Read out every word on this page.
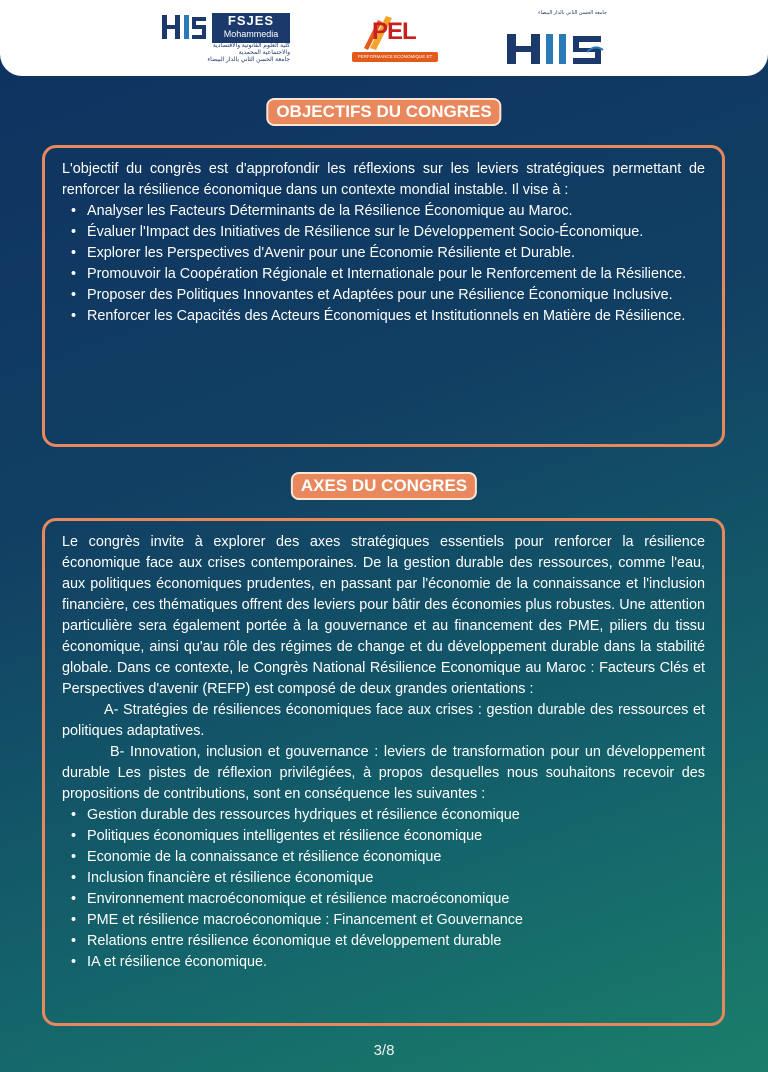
FSJES
Mohammedia
كلية العلوم القانونية والاقتصادية
والاجتماعية المحمدية
جامعة الحسن الثاني بالدار البيضاء
PEL
PERFORMANCE ECONOMIQUE ET LOGISTIQUE
جامعة الحسن الثاني بالدار البيضاء
OBJECTIFS DU CONGRES

L'objectif du congrès est d'approfondir les réflexions sur les leviers stratégiques permettant de renforcer la résilience économique dans un contexte mondial instable. Il vise à :

• Analyser les Facteurs Déterminants de la Résilience Économique au Maroc.
• Évaluer l'Impact des Initiatives de Résilience sur le Développement Socio-Économique.
• Explorer les Perspectives d'Avenir pour une Économie Résiliente et Durable.
• Promouvoir la Coopération Régionale et Internationale pour le Renforcement de la Résilience.
• Proposer des Politiques Innovantes et Adaptées pour une Résilience Économique Inclusive.
• Renforcer les Capacités des Acteurs Économiques et Institutionnels en Matière de Résilience.
AXES DU CONGRES

Le congrès invite à explorer des axes stratégiques essentiels pour renforcer la résilience économique face aux crises contemporaines. De la gestion durable des ressources, comme l'eau, aux politiques économiques prudentes, en passant par l'économie de la connaissance et l'inclusion financière, ces thématiques offrent des leviers pour bâtir des économies plus robustes. Une attention particulière sera également portée à la gouvernance et au financement des PME, piliers du tissu économique, ainsi qu'au rôle des régimes de change et du développement durable dans la stabilité globale. Dans ce contexte, le Congrès National Résilience Economique au Maroc : Facteurs Clés et Perspectives d'avenir (REFP) est composé de deux grandes orientations :

A- Stratégies de résiliences économiques face aux crises : gestion durable des ressources et politiques adaptatives.

B- Innovation, inclusion et gouvernance : leviers de transformation pour un développement durable Les pistes de réflexion privilégiées, à propos desquelles nous souhaitons recevoir des propositions de contributions, sont en conséquence les suivantes :

• Gestion durable des ressources hydriques et résilience économique
• Politiques économiques intelligentes et résilience économique
• Economie de la connaissance et résilience économique
• Inclusion financière et résilience économique
• Environnement macroéconomique et résilience macroéconomique
• PME et résilience macroéconomique : Financement et Gouvernance
• Relations entre résilience économique et développement durable
• IA et résilience économique.
3/8
